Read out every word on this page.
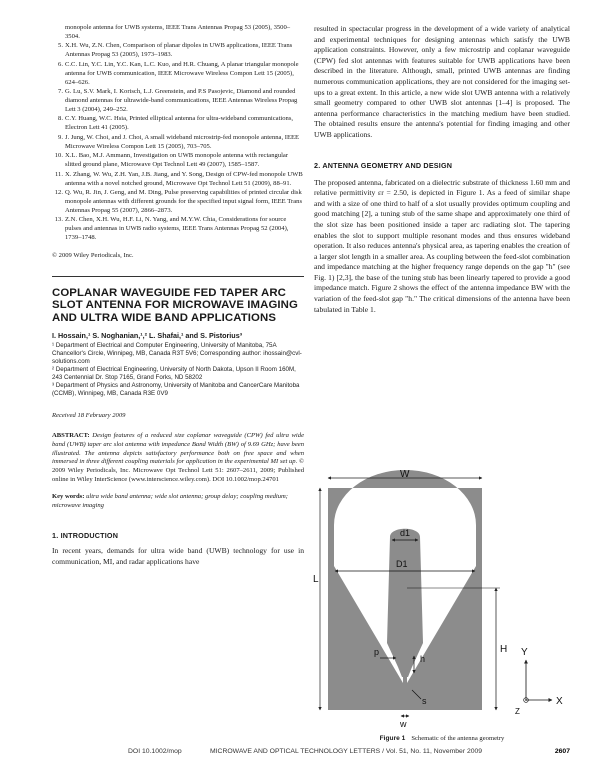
monopole antenna for UWB systems, IEEE Trans Antennas Propag 53 (2005), 3500–3504.
5. X.H. Wu, Z.N. Chen, Comparison of planar dipoles in UWB applications, IEEE Trans Antennas Propag 53 (2005), 1973–1983.
6. C.C. Lin, Y.C. Lin, Y.C. Kan, L.C. Kuo, and H.R. Chuang, A planar triangular monopole antenna for UWB communication, IEEE Microwave Wireless Compon Lett 15 (2005), 624–626.
7. G. Lu, S.V. Mark, I. Korisch, L.J. Greenstein, and P.S Pasojevic, Diamond and rounded diamond antennas for ultrawide-band communications, IEEE Antennas Wireless Propag Lett 3 (2004), 249–252.
8. C.Y. Huang, W.C. Hsia, Printed elliptical antenna for ultra-wideband communications, Electron Lett 41 (2005).
9. J. Jung, W. Choi, and J. Choi, A small wideband microstrip-fed monopole antenna, IEEE Microwave Wireless Compon Lett 15 (2005), 703–705.
10. X.L. Bao, M.J. Ammann, Investigation on UWB monopole antenna with rectangular slitted ground plane, Microwave Opt Technol Lett 49 (2007), 1585–1587.
11. X. Zhang, W. Wu, Z.H. Yan, J.B. Jiang, and Y. Song, Design of CPW-fed monopole UWB antenna with a novel notched ground, Microwave Opt Technol Lett 51 (2009), 88–91.
12. Q. Wu, R. Jin, J. Geng, and M. Ding, Pulse preserving capabilities of printed circular disk monopole antennas with different grounds for the specified input signal form, IEEE Trans Antennas Propag 55 (2007), 2866–2873.
13. Z.N. Chen, X.H. Wu, H.F. Li, N. Yang, and M.Y.W. Chia, Considerations for source pulses and antennas in UWB radio systems, IEEE Trans Antennas Propag 52 (2004), 1739–1748.
© 2009 Wiley Periodicals, Inc.
COPLANAR WAVEGUIDE FED TAPER ARC SLOT ANTENNA FOR MICROWAVE IMAGING AND ULTRA WIDE BAND APPLICATIONS
I. Hossain,¹ S. Noghanian,¹,² L. Shafai,¹ and S. Pistorius³

¹ Department of Electrical and Computer Engineering, University of Manitoba, 75A Chancellor's Circle, Winnipeg, MB, Canada R3T 5V6; Corresponding author: ihossain@cvl-solutions.com

² Department of Electrical Engineering, University of North Dakota, Upson II Room 160M, 243 Centennial Dr. Stop 7165, Grand Forks, ND 58202

³ Department of Physics and Astronomy, University of Manitoba and CancerCare Manitoba (CCMB), Winnipeg, MB, Canada R3E 0V9

Received 18 February 2009
ABSTRACT: Design features of a reduced size coplanar waveguide (CPW) fed ultra wide band (UWB) taper arc slot antenna with impedance Band Width (BW) of 9.69 GHz; have been illustrated. The antenna depicts satisfactory performance both on free space and when immersed in three different coupling materials for application in the experimental MI set up. © 2009 Wiley Periodicals, Inc. Microwave Opt Technol Lett 51: 2607–2611, 2009; Published online in Wiley InterScience (www.interscience.wiley.com). DOI 10.1002/mop.24701
Key words: ultra wide band antenna; wide slot antenna; group delay; coupling medium; microwave imaging
1. INTRODUCTION
In recent years, demands for ultra wide band (UWB) technology for use in communication, MI, and radar applications have
resulted in spectacular progress in the development of a wide variety of analytical and experimental techniques for designing antennas which satisfy the UWB application constraints. However, only a few microstrip and coplanar waveguide (CPW) fed slot antennas with features suitable for UWB applications have been described in the literature. Although, small, printed UWB antennas are finding numerous communication applications, they are not considered for the imaging set-ups to a great extent. In this article, a new wide slot UWB antenna with a relatively small geometry compared to other UWB slot antennas [1–4] is proposed. The antenna performance characteristics in the matching medium have been studied. The obtained results ensure the antenna's potential for finding imaging and other UWB applications.
2. ANTENNA GEOMETRY AND DESIGN
The proposed antenna, fabricated on a dielectric substrate of thickness 1.60 mm and relative permittivity εr = 2.50, is depicted in Figure 1. As a feed of similar shape and with a size of one third to half of a slot usually provides optimum coupling and good matching [2], a tuning stub of the same shape and approximately one third of the slot size has been positioned inside a taper arc radiating slot. The tapering enables the slot to support multiple resonant modes and thus ensures wideband operation. It also reduces antenna's physical area, as tapering enables the creation of a larger slot length in a smaller area. As coupling between the feed-slot combination and impedance matching at the higher frequency range depends on the gap "h" (see Fig. 1) [2,3], the base of the tuning stub has been linearly tapered to provide a good impedance match. Figure 2 shows the effect of the antenna impedance BW with the variation of the feed-slot gap "h." The critical dimensions of the antenna have been tabulated in Table 1.
W
L
d1
D1
p
h
s
w
H Y
X
Z
Figure 1 Schematic of the antenna geometry
DOI 10.1002/mop	MICROWAVE AND OPTICAL TECHNOLOGY LETTERS / Vol. 51, No. 11, November 2009	2607
